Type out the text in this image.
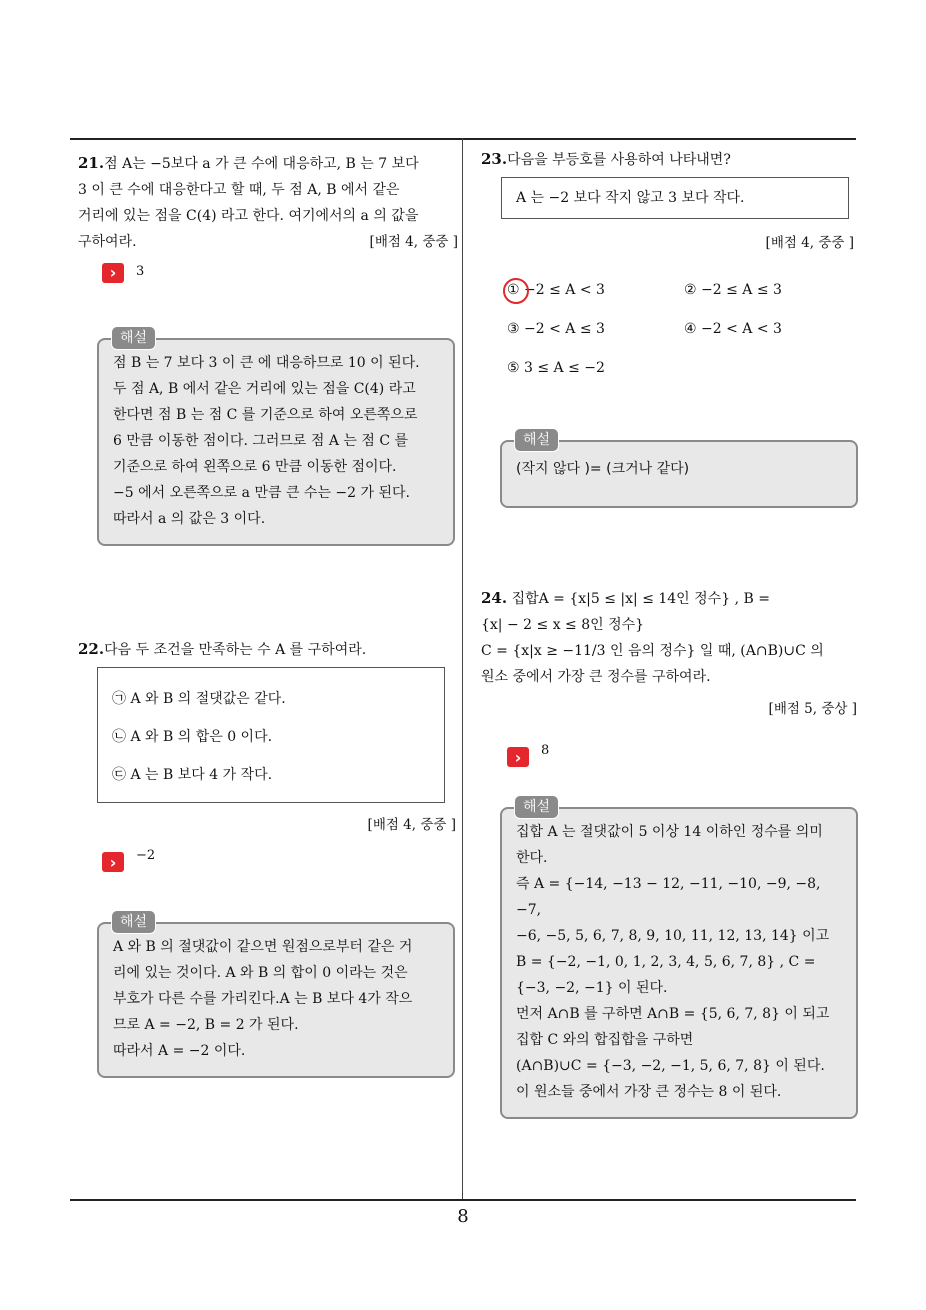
8
21.점 A는 −5보다 a 가 큰 수에 대응하고, B 는 7 보다
3 이 큰 수에 대응한다고 할 때, 두 점 A, B 에서 같은
거리에 있는 점을 C(4) 라고 한다. 여기에서의 a 의 값을
구하여라.	[배점 4, 중중 ]
›	3
해설
점 B 는 7 보다 3 이 큰 에 대응하므로 10 이 된다.
두 점 A, B 에서 같은 거리에 있는 점을 C(4) 라고
한다면 점 B 는 점 C 를 기준으로 하여 오른쪽으로
6 만큼 이동한 점이다. 그러므로 점 A 는 점 C 를
기준으로 하여 왼쪽으로 6 만큼 이동한 점이다.
−5 에서 오른쪽으로 a 만큼 큰 수는 −2 가 된다.
따라서 a 의 값은 3 이다.
22.다음 두 조건을 만족하는 수 A 를 구하여라.
㉠ A 와 B 의 절댓값은 같다.
㉡ A 와 B 의 합은 0 이다.
㉢ A 는 B 보다 4 가 작다.
[배점 4, 중중 ]
›	−2
해설
A 와 B 의 절댓값이 같으면 원점으로부터 같은 거
리에 있는 것이다. A 와 B 의 합이 0 이라는 것은
부호가 다른 수를 가리킨다.A 는 B 보다 4가 작으
므로 A = −2, B = 2 가 된다.
따라서 A = −2 이다.
23.다음을 부등호를 사용하여 나타내면?
A 는 −2 보다 작지 않고 3 보다 작다.
[배점 4, 중중 ]
① −2 ≤ A < 3	② −2 ≤ A ≤ 3
③ −2 < A ≤ 3	④ −2 < A < 3
⑤ 3 ≤ A ≤ −2
해설
(작지 않다 )= (크거나 같다)
24. 집합A = {x|5 ≤ |x| ≤ 14인 정수} , B =
{x| − 2 ≤ x ≤ 8인 정수}
C = {x|x ≥ −11/3 인 음의 정수} 일 때, (A∩B)∪C 의
원소 중에서 가장 큰 정수를 구하여라.
[배점 5, 중상 ]
›	8
해설
집합 A 는 절댓값이 5 이상 14 이하인 정수를 의미
한다.
즉 A = {−14, −13 − 12, −11, −10, −9, −8, −7,
−6, −5, 5, 6, 7, 8, 9, 10, 11, 12, 13, 14} 이고
B = {−2, −1, 0, 1, 2, 3, 4, 5, 6, 7, 8} , C =
{−3, −2, −1} 이 된다.
먼저 A∩B 를 구하면 A∩B = {5, 6, 7, 8} 이 되고
집합 C 와의 합집합을 구하면
(A∩B)∪C = {−3, −2, −1, 5, 6, 7, 8} 이 된다.
이 원소들 중에서 가장 큰 정수는 8 이 된다.
